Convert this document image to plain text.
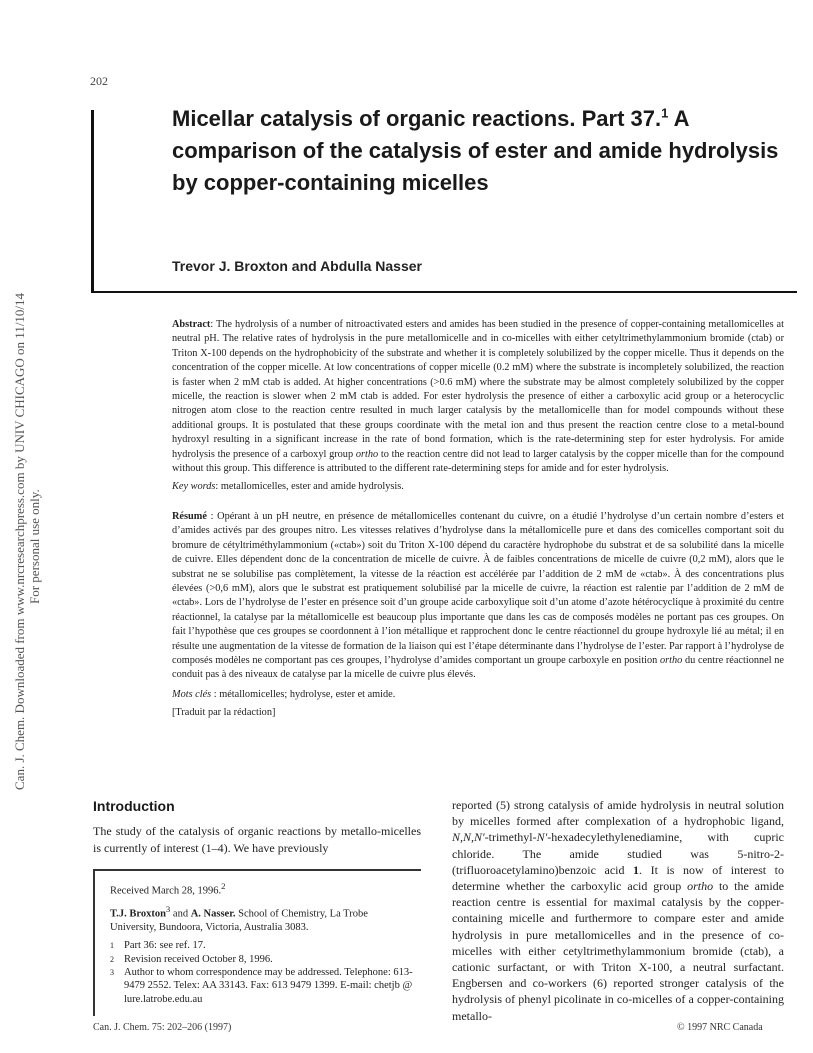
202
Can. J. Chem. Downloaded from www.nrcresearchpress.com by UNIV CHICAGO on 11/10/14 For personal use only.
Micellar catalysis of organic reactions. Part 37.$^1$ A comparison of the catalysis of ester and amide hydrolysis by copper-containing micelles
Trevor J. Broxton and Abdulla Nasser

Abstract: The hydrolysis of a number of nitroactivated esters and amides has been studied in the presence of copper-containing metallomicelles at neutral pH. The relative rates of hydrolysis in the pure metallomicelle and in co-micelles with either cetyltrimethylammonium bromide (ctab) or Triton X-100 depends on the hydrophobicity of the substrate and whether it is completely solubilized by the copper micelle. Thus it depends on the concentration of the copper micelle. At low concentrations of copper micelle (0.2 mM) where the substrate is incompletely solubilized, the reaction is faster when 2 mM ctab is added. At higher concentrations (>0.6 mM) where the substrate may be almost completely solubilized by the copper micelle, the reaction is slower when 2 mM ctab is added. For ester hydrolysis the presence of either a carboxylic acid group or a heterocyclic nitrogen atom close to the reaction centre resulted in much larger catalysis by the metallomicelle than for model compounds without these additional groups. It is postulated that these groups coordinate with the metal ion and thus present the reaction centre close to a metal-bound hydroxyl resulting in a significant increase in the rate of bond formation, which is the rate-determining step for ester hydrolysis. For amide hydrolysis the presence of a carboxyl group ortho to the reaction centre did not lead to larger catalysis by the copper micelle than for the compound without this group. This difference is attributed to the different rate-determining steps for amide and for ester hydrolysis.

Key words: metallomicelles, ester and amide hydrolysis.

Résumé : Opérant à un pH neutre, en présence de métallomicelles contenant du cuivre, on a étudié l’hydrolyse d’un certain nombre d’esters et d’amides activés par des groupes nitro. Les vitesses relatives d’hydrolyse dans la métallomicelle pure et dans des comicelles comportant soit du bromure de cétyltriméthylammonium («ctab») soit du Triton X-100 dépend du caractère hydrophobe du substrat et de sa solubilité dans la micelle de cuivre. Elles dépendent donc de la concentration de micelle de cuivre. À de faibles concentrations de micelle de cuivre (0,2 mM), alors que le substrat ne se solubilise pas complètement, la vitesse de la réaction est accélérée par l’addition de 2 mM de «ctab». À des concentrations plus élevées (>0,6 mM), alors que le substrat est pratiquement solubilisé par la micelle de cuivre, la réaction est ralentie par l’addition de 2 mM de «ctab». Lors de l’hydrolyse de l’ester en présence soit d’un groupe acide carboxylique soit d’un atome d’azote hétérocyclique à proximité du centre réactionnel, la catalyse par la métallomicelle est beaucoup plus importante que dans les cas de composés modèles ne portant pas ces groupes. On fait l’hypothèse que ces groupes se coordonnent à l’ion métallique et rapprochent donc le centre réactionnel du groupe hydroxyle lié au métal; il en résulte une augmentation de la vitesse de formation de la liaison qui est l’étape déterminante dans l’hydrolyse de l’ester. Par rapport à l’hydrolyse de composés modèles ne comportant pas ces groupes, l’hydrolyse d’amides comportant un groupe carboxyle en position ortho du centre réactionnel ne conduit pas à des niveaux de catalyse par la micelle de cuivre plus élevés.

Mots clés : métallomicelles; hydrolyse, ester et amide.

[Traduit par la rédaction]

Introduction

The study of the catalysis of organic reactions by metallo-micelles is currently of interest (1–4). We have previously

reported (5) strong catalysis of amide hydrolysis in neutral solution by micelles formed after complexation of a hydrophobic ligand, N,N,N′-trimethyl-N′-hexadecylethylenediamine, with cupric chloride. The amide studied was 5-nitro-2-(trifluoroacetylamino)benzoic acid 1. It is now of interest to determine whether the carboxylic acid group ortho to the amide reaction centre is essential for maximal catalysis by the copper-containing micelle and furthermore to compare ester and amide hydrolysis in pure metallomicelles and in the presence of co-micelles with either cetyltrimethylammonium bromide (ctab), a cationic surfactant, or with Triton X-100, a neutral surfactant. Engbersen and co-workers (6) reported stronger catalysis of the hydrolysis of phenyl picolinate in co-micelles of a copper-containing metallo-

Received March 28, 1996.$^2$

T.J. Broxton$^3$ and A. Nasser. School of Chemistry, La Trobe University, Bundoora, Victoria, Australia 3083.

1 Part 36: see ref. 17.
2 Revision received October 8, 1996.
3 Author to whom correspondence may be addressed. Telephone: 613-9479 2552. Telex: AA 33143. Fax: 613 9479 1399. E-mail: chetjb @ lure.latrobe.edu.au
Can. J. Chem. 75: 202–206 (1997)	© 1997 NRC Canada
